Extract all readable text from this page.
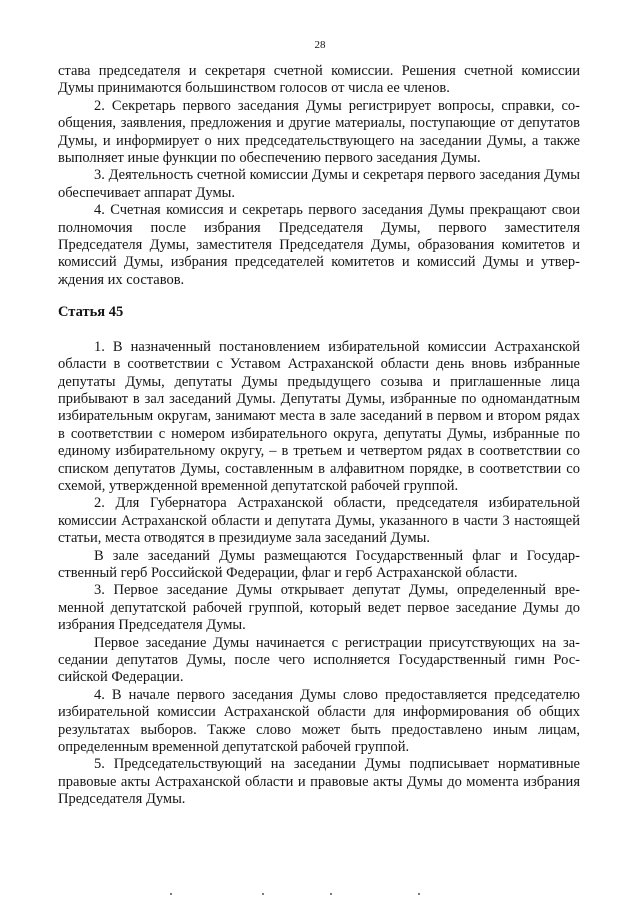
28

става председателя и секретаря счетной комиссии. Решения счетной комиссии Думы принимаются большинством голосов от числа ее членов.

2. Секретарь первого заседания Думы регистрирует вопросы, справки, сообщения, заявления, предложения и другие материалы, поступающие от депутатов Думы, и информирует о них председательствующего на заседании Думы, а также выполняет иные функции по обеспечению первого заседания Думы.

3. Деятельность счетной комиссии Думы и секретаря первого заседания Думы обеспечивает аппарат Думы.

4. Счетная комиссия и секретарь первого заседания Думы прекращают свои полномочия после избрания Председателя Думы, первого заместителя Председателя Думы, заместителя Председателя Думы, образования комитетов и комиссий Думы, избрания председателей комитетов и комиссий Думы и утверждения их составов.

Статья 45

1. В назначенный постановлением избирательной комиссии Астраханской области в соответствии с Уставом Астраханской области день вновь избранные депутаты Думы, депутаты Думы предыдущего созыва и приглашенные лица прибывают в зал заседаний Думы. Депутаты Думы, избранные по одномандатным избирательным округам, занимают места в зале заседаний в первом и втором рядах в соответствии с номером избирательного округа, депутаты Думы, избранные по единому избирательному округу, – в третьем и четвертом рядах в соответствии со списком депутатов Думы, составленным в алфавитном порядке, в соответствии со схемой, утвержденной временной депутатской рабочей группой.

2. Для Губернатора Астраханской области, председателя избирательной комиссии Астраханской области и депутата Думы, указанного в части 3 настоящей статьи, места отводятся в президиуме зала заседаний Думы.

В зале заседаний Думы размещаются Государственный флаг и Государственный герб Российской Федерации, флаг и герб Астраханской области.

3. Первое заседание Думы открывает депутат Думы, определенный временной депутатской рабочей группой, который ведет первое заседание Думы до избрания Председателя Думы.

Первое заседание Думы начинается с регистрации присутствующих на заседании депутатов Думы, после чего исполняется Государственный гимн Российской Федерации.

4. В начале первого заседания Думы слово предоставляется председателю избирательной комиссии Астраханской области для информирования об общих результатах выборов. Также слово может быть предоставлено иным лицам, определенным временной депутатской рабочей группой.

5. Председательствующий на заседании Думы подписывает нормативные правовые акты Астраханской области и правовые акты Думы до момента избрания Председателя Думы.
